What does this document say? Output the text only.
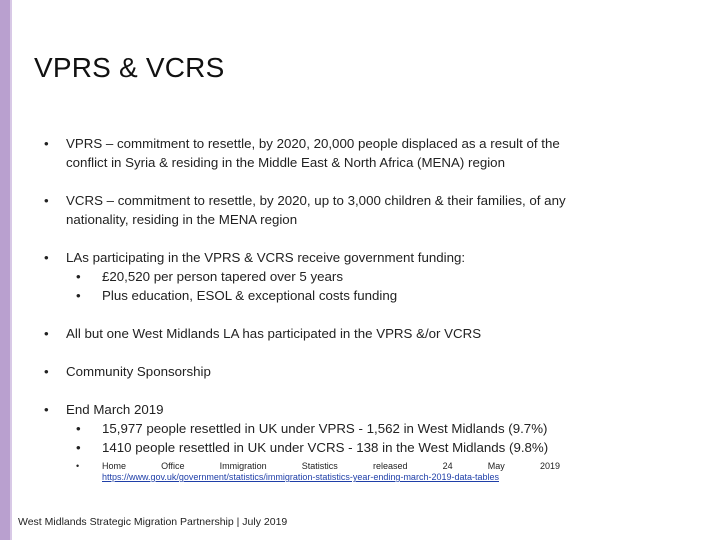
VPRS & VCRS
•	VPRS – commitment to resettle, by 2020, 20,000 people displaced as a result of the conflict in Syria & residing in the Middle East & North Africa (MENA) region
•	VCRS – commitment to resettle, by 2020, up to 3,000 children & their families, of any nationality, residing in the MENA region
•	LAs participating in the VPRS & VCRS receive government funding:
•	£20,520 per person tapered over 5 years
•	Plus education, ESOL & exceptional costs funding
•	All but one West Midlands LA has participated in the VPRS &/or VCRS
•	Community Sponsorship
•	End March 2019
•	15,977 people resettled in UK under VPRS - 1,562 in West Midlands (9.7%)
•	1410 people resettled in UK under VCRS - 138 in the West Midlands (9.8%)
•	Home	Office	Immigration	Statistics	released	24	May	2019
https://www.gov.uk/government/statistics/immigration-statistics-year-ending-march-2019-data-tables
West Midlands Strategic Migration Partnership | July 2019
